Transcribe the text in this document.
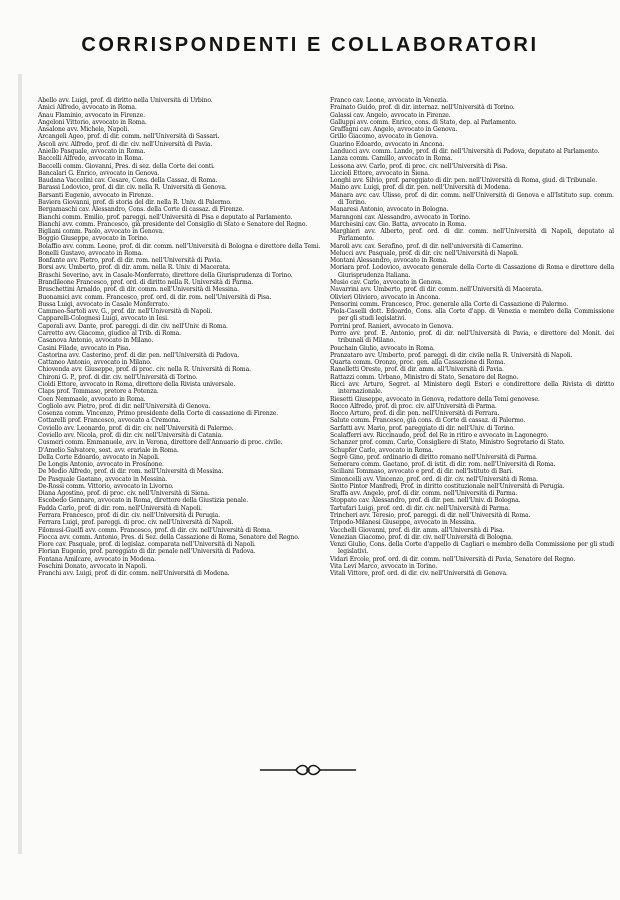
CORRISPONDENTI E COLLABORATORI

Abello avv. Luigi, prof. di diritto nella Università di Urbino.

Amici Alfredo, avvocato in Roma.

Anau Flaminio, avvocato in Firenze.

Angeloni Vittorio, avvocato in Roma.

Ansalone avv. Michele, Napoli.

Arcangeli Ageo, prof. di dir. comm. nell'Università di Sassari.

Ascoli avv. Alfredo, prof. di dir. civ. nell'Università di Pavia.

Aniello Pasquale, avvocato in Roma.

Baccelli Alfredo, avvocato in Roma.

Baccelli comm. Giovanni, Pres. di sez. della Corte dei conti.

Bancalari G. Enrico, avvocato in Genova.

Baudana Vaccolini cav. Cesare, Cons. della Cassaz. di Roma.

Barassi Lodovico, prof. di dir. civ. nella R. Università di Genova.

Barsanti Eugenio, avvocato in Firenze.

Baviera Giovanni, prof. di storia del dir. nella R. Univ. di Palermo.

Bergamaschi cav. Alessandro, Cons. della Corte di cassaz. di Firenze.

Bianchi comm. Emilio, prof. pareggi. nell'Università di Pisa e deputato al Parlamento.

Bianchi avv. comm. Francesco, già presidente del Consiglio di Stato e Senatore del Regno.

Bigliani comm. Paolo, avvocato in Genova.

Boggio Giuseppe, avvocato in Torino.

Bolaffio avv. comm. Leone, prof. di dir. comm. nell'Università di Bologna e direttore della Temi.

Bonelli Gustavo, avvocato in Roma.

Bonfante avv. Pietro, prof. di dir. rom. nell'Università di Pavia.

Borsi avv. Umberto, prof. di dir. amm. nella R. Univ. di Macerata.

Braschi Severino, avv. in Casale-Monferrato, direttore della Giurisprudenza di Torino.

Brandileone Francesco, prof. ord. di diritto nella R. Università di Parma.

Bruschettini Arnaldo, prof. di dir. comm. nell'Università di Messina.

Buonamici avv. comm. Francesco, prof. ord. di dir. rom. nell'Università di Pisa.

Bussa Luigi, avvocato in Casale Monferrato.

Cammeo-Sartoli avv. G., prof. dir. nell'Università di Napoli.

Capparelli-Colognesi Luigi, avvocato in Iesi.

Caporali avv. Dante, prof. pareggi. di dir. civ. nell'Univ. di Roma.

Carretto avv. Giacomo, giudice al Trib. di Roma.

Casanova Antonio, avvocato in Milano.

Casini Filade, avvocato in Pisa.

Castorina avv. Casterino, prof. di dir. pen. nell'Università di Padova.

Cattaneo Antonio, avvocato in Milano.

Chiovenda avv. Giuseppe, prof. di proc. civ. nella R. Università di Roma.

Chironi G. P., prof. di dir. civ. nell'Università di Torino.

Cioldi Ettore, avvocato in Roma, direttore della Rivista universale.

Claps prof. Tommaso, pretore a Potenza.

Coen Nemmaele, avvocato in Roma.

Cogliolo avv. Pietro, prof. di dir. nell'Università di Genova.

Cosenza comm. Vincenzo, Primo presidente della Corte di cassazione di Firenze.

Cottarelli prof. Francesco, avvocato a Cremona.

Coviello avv. Leonardo, prof. di dir. civ. nell'Università di Palermo.

Coviello avv. Nicola, prof. di dir. civ. nell'Università di Catania.

Cusmeri comm. Emmanuele, avv. in Verona, direttore dell'Annuario di proc. civile.

D'Amelio Salvatore, sost. avv. erariale in Roma.

Della Corte Edoardo, avvocato in Napoli.

De Longis Antonio, avvocato in Frosinone.

De Medio Alfredo, prof. di dir. rom. nell'Università di Messina.

De Pasquale Gaetano, avvocato in Messina.

De-Rossi comm. Vittorio, avvocato in Livorno.

Diana Agostino, prof. di proc. civ. nell'Università di Siena.

Escobedo Gennaro, avvocato in Roma, direttore della Giustizia penale.

Fadda Carlo, prof. di dir. rom. nell'Università di Napoli.

Ferrara Francesco, prof. di dir. civ. nell'Università di Perugia.

Ferrara Luigi, prof. pareggi. di proc. civ. nell'Università di Napoli.

Filomusi-Guelfi avv. comm. Francesco, prof. di dir. civ. nell'Università di Roma.

Fiocca avv. comm. Antonio, Pres. di Sez. della Cassazione di Roma, Senatore del Regno.

Fiore cav. Pasquale, prof. di legislaz. comparata nell'Università di Napoli.

Florian Eugenio, prof. pareggiato di dir. penale nell'Università di Padova.

Fontana Amilcare, avvocato in Modena.

Foschini Donato, avvocato in Napoli.

Franchi avv. Luigi, prof. di dir. comm. nell'Università di Modena.

Franco cav. Leone, avvocato in Venezia.

Frainato Guido, prof. di dir. internaz. nell'Università di Torino.

Galassi cav. Angelo, avvocato in Firenze.

Galluppi avv. comm. Enrico, cons. di Stato, dep. al Parlamento.

Graffagni cav. Angelo, avvocato in Genova.

Grillo Giacomo, avvocato in Genova.

Guarino Edoardo, avvocato in Ancona.

Landucci avv. comm. Lando, prof. di dir. nell'Università di Padova, deputato al Parlamento.

Lanza comm. Camillo, avvocato in Roma.

Lessona avv. Carlo, prof. di proc. civ. nell'Università di Pisa.

Liccioli Ettore, avvocato in Siena.

Longhi avv. Silvio, prof. pareggiato di dir. pen. nell'Università di Roma, giud. di Tribunale.

Maino avv. Luigi, prof. di dir. pen. nell'Università di Modena.

Manara avv. cav. Ulisse, prof. di dir. comm. nell'Università di Genova e all'Istituto sup. comm. di Torino.

Manaresi Antonio, avvocato in Bologna.

Marangoni cav. Alessandro, avvocato in Torino.

Marchesini cav. Gio. Batta, avvocato in Roma.

Marghieri avv. Alberto, prof. ord. di dir. comm. nell'Università di Napoli, deputato al Parlamento.

Maroli avv. cav. Serafino, prof. di dir. nell'università di Camerino.

Melucci avv. Pasquale, prof. di dir. civ. nell'Università di Napoli.

Montani Alessandro, avvocato in Roma.

Moriara prof. Lodovico, avvocato generale della Corte di Cassazione di Roma e direttore della Giurisprudenza Italiana.

Musio cav. Carlo, avvocato in Genova.

Navarrini avv. Umberto, prof. di dir. comm. nell'Università di Macerata.

Olivieri Olivierо, avvocato in Ancona.

Pensorini comm. Francesco, Proc. generale alla Corte di Cassazione di Palermo.

Piola-Caselli dott. Edoardo, Cons. alla Corte d'app. di Venezia e membro della Commissione per gli studi legislativi.

Porrini prof. Ranieri, avvocato in Genova.

Porro avv. prof. E. Antonio, prof. di dir. nell'Università di Pavia, e direttore del Monit. dei tribunali di Milano.

Pouchain Giulio, avvocato in Roma.

Pranzataro avv. Umberto, prof. pareggi. di dir. civile nella R. Università di Napoli.

Quarta comm. Oronzo, proc. gen. alla Cassazione di Roma.

Ranelletti Oreste, prof. di dir. amm. all'Università di Pavia.

Rattazzi comm. Urbano, Ministro di Stato, Senatore del Regno.

Ricci avv. Arturo, Segret. al Ministero degli Esteri e condirettore della Rivista di diritto internazionale.

Riesetti Giuseppe, avvocato in Genova, redattore della Temi genovese.

Rocco Alfredo, prof. di proc. civ. all'Università di Parma.

Rocco Arturo, prof. di dir. pen. nell'Università di Ferrara.

Salute comm. Francesco, già cons. di Corte di cassaz. di Palermo.

Sarfatti avv. Mario, prof. pareggiato di dir. nell'Univ. di Torino.

Scalafferri avv. Riccinaudo, prof. del Re in ritiro e avvocato in Lagonegro.

Schanzer prof. comm. Carlo, Consigliere di Stato, Ministro Segretario di Stato.

Schupfer Carlo, avvocato in Roma.

Segrè Gino, prof. ordinario di diritto romano nell'Università di Parma.

Semeraro comm. Gaetano, prof. di istit. di dir. rom. nell'Università di Roma.

Siciliani Tommaso, avvocato e prof. di dir. nell'Istituto di Bari.

Simoncelli avv. Vincenzo, prof. ord. di dir. civ. nell'Università di Roma.

Siotto Pintor Manfredi, Prof. in diritto costituzionale nell'Università di Perugia.

Sraffa avv. Angelo, prof. di dir. comm. nell'Università di Parma.

Stoppato cav. Alessandro, prof. di dir. pen. nell'Univ. di Bologna.

Tartufari Luigi, prof. ord. di dir. civ. nell'Università di Parma.

Trincheri avv. Teresio, prof. pareggi. di dir. nell'Università di Roma.

Tripodo-Milanesi Giuseppe, avvocato in Messina.

Vacchelli Giovanni, prof. di dir. amm. all'Università di Pisa.

Venezian Giacomo, prof. di dir. civ. nell'Università di Bologna.

Venzi Giulio, Cons. della Corte d'appello di Cagliari e membro della Commissione per gli studi legislativi.

Vidari Ercole, prof. ord. di dir. comm. nell'Università di Pavia, Senatore del Regno.

Vita Levi Marco, avvocato in Torino.

Vitali Vittore, prof. ord. di dir. civ. nell'Università di Genova.
